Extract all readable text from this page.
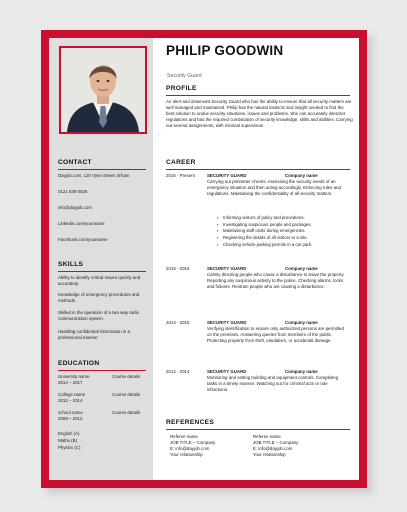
CONTACT
Dayjob.com, 120 Vyse Street, B'ham
0121 638 0026
info@dayjob.com
Linkedin.com/yourname
Facebook.com/yourname
SKILLS
Ability to identify critical issues quickly and accurately.
Knowledge of emergency procedures and methods.
Skilled in the operation of a two way radio communication system.
Handling confidential information in a professional manner
EDUCATION
University name
2014 – 2017
Course details
College name
2012 – 2014
Course details
school name
2008 – 2012
Course details
English (A)
Maths (B)
Physics (C)
PHILIP GOODWIN
Security Guard
PROFILE
An alert and observant Security Guard who has the ability to ensure that all security matters are well managed and maintained. Philip has the natural instincts and insight needed to find the best solution to undue security situations, issues and problems. She can accurately interpret regulations and has the required combination of security knowledge, skills and abilities. Carrying out several assignments, with minimal supervision.
CAREER
2016 - Present	SECURITY GUARD	Company name
Carrying out perimeter checks. Assessing the security needs of an emergency situation and then acting accordingly. Enforcing rules and regulations. Maintaining the confidentiality of all security matters.
▪ Informing visitors of policy and procedures.
▪ Investigating suspicious people and packages.
▪ Maintaining staff order during emergencies.
▪ Registering the details of all visitors to a site.
▪ Checking vehicle parking permits in a car park.
2015 - 2016	SECURITY GUARD	Company name
Calmly directing people who cause a disturbance to leave the property. Reporting any suspicious activity to the police. Checking alarms, locks and fixtures. Restrain people who are causing a disturbance.
2014 - 2015	SECURITY GUARD	Company name
Verifying identification to ensure only authorized persons are permitted on the premises. Answering queries from members of the public. Protecting property from theft, vandalism, or accidental damage.
2012 - 2014	SECURITY GUARD	Company name
Monitoring and setting building and equipment controls. Completing tasks in a timely manner. Watching out for criminal acts or rule infractions.
REFERENCES
Referee name
JOB TITLE – Company
E: info@dayjob.com
Your relationship
Referee name
JOB TITLE – Company
E: info@dayjob.com
Your relationship
